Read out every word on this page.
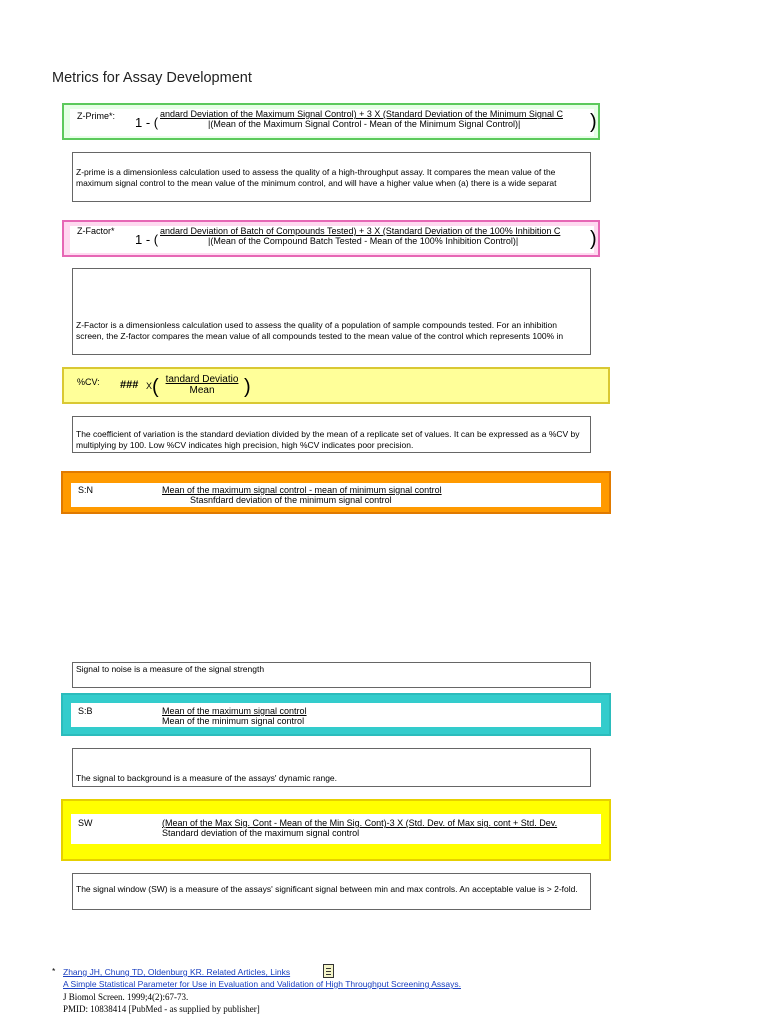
Metrics for Assay Development
Z-Prime*: 1 - (
andard Deviation of the Maximum Signal Control) + 3 X (Standard Deviation of the Minimum Signal C
|(Mean of the Maximum Signal Control - Mean of the Minimum Signal Control)|	)
Z-prime is a dimensionless calculation used to assess the quality of a high-throughput assay. It compares the mean value of the maximum signal control to the mean value of the minimum control, and will have a higher value when (a) there is a wide separat
Z-Factor*
1 - (
andard Deviation of Batch of Compounds Tested) + 3 X (Standard Deviation of the 100% Inhibition C
|(Mean of the Compound Batch Tested - Mean of the 100% Inhibition Control)|	)
Z-Factor is a dimensionless calculation used to assess the quality of a population of sample compounds tested. For an inhibition screen, the Z-factor compares the mean value of all compounds tested to the mean value of the control which represents 100% in
%CV: ### X ( tandard Deviatio
Mean	)
The coefficient of variation is the standard deviation divided by the mean of a replicate set of values. It can be expressed as a %CV by multiplying by 100. Low %CV indicates high precision, high %CV indicates poor precision.
S:N	Mean of the maximum signal control - mean of minimum signal control
Stasnfdard deviation of the minimum signal control
Signal to noise is a measure of the signal strength
S:B	Mean of the maximum signal control
Mean of the minimum signal control
The signal to background is a measure of the assays' dynamic range.
SW	(Mean of the Max Sig. Cont - Mean of the Min Sig. Cont)-3 X (Std. Dev. of Max sig. cont + Std. Dev.
Standard deviation of the maximum signal control
The signal window (SW) is a measure of the assays' significant signal between min and max controls. An acceptable value is > 2-fold.
* Zhang JH, Chung TD, Oldenburg KR. Related Articles, Links
A Simple Statistical Parameter for Use in Evaluation and Validation of High Throughput Screening Assays.
J Biomol Screen. 1999;4(2):67-73.
PMID: 10838414 [PubMed - as supplied by publisher]
